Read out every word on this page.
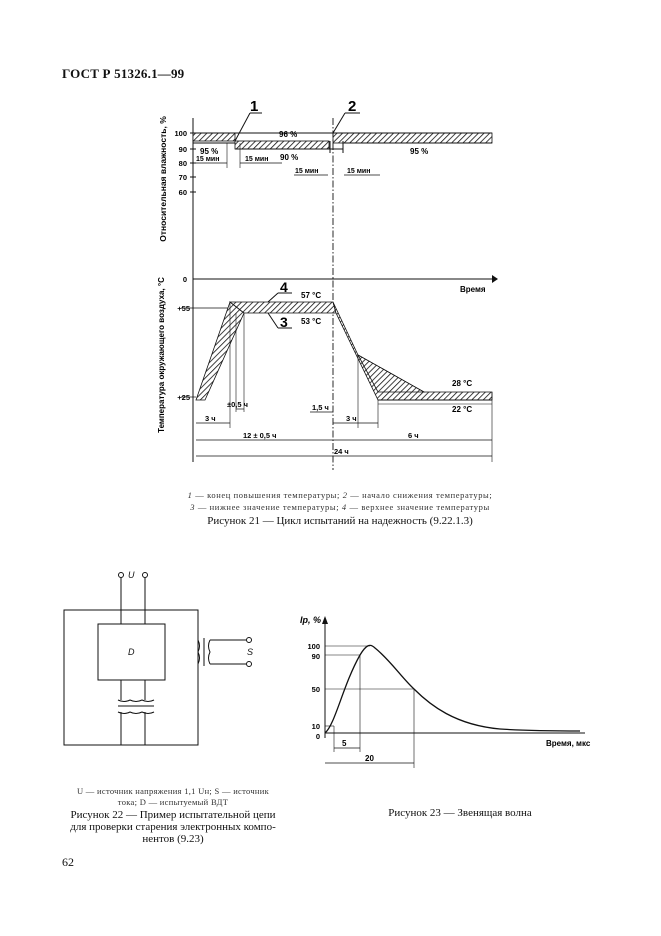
ГОСТ Р 51326.1—99
100
90
80
70
60
0
Относительная влажность, %
Время
96 %
95 %
90 %
95 %
15 мин	15 мин
15 мин	15 мин
1	2
+55
+25
Температура окружающего воздуха, °C	57 °C
53 °C
28 °C
22 °C
4
3
3 ч
±0,5 ч	1,5 ч
3 ч
12 ± 0,5 ч	6 ч
24 ч
U
D	S
Iр, %
100
90
50
10
0
5
20
Время, мкс
1 — конец повышения температуры; 2 — начало снижения температуры;
3 — нижнее значение температуры; 4 — верхнее значение температуры
Рисунок 21 — Цикл испытаний на надежность (9.22.1.3)
U — источник напряжения 1,1 Uн; S — источник
тока; D — испытуемый ВДТ
Рисунок 22 — Пример испытательной цепи
для проверки старения электронных компо-
нентов (9.23)
Рисунок 23 — Звенящая волна
62
